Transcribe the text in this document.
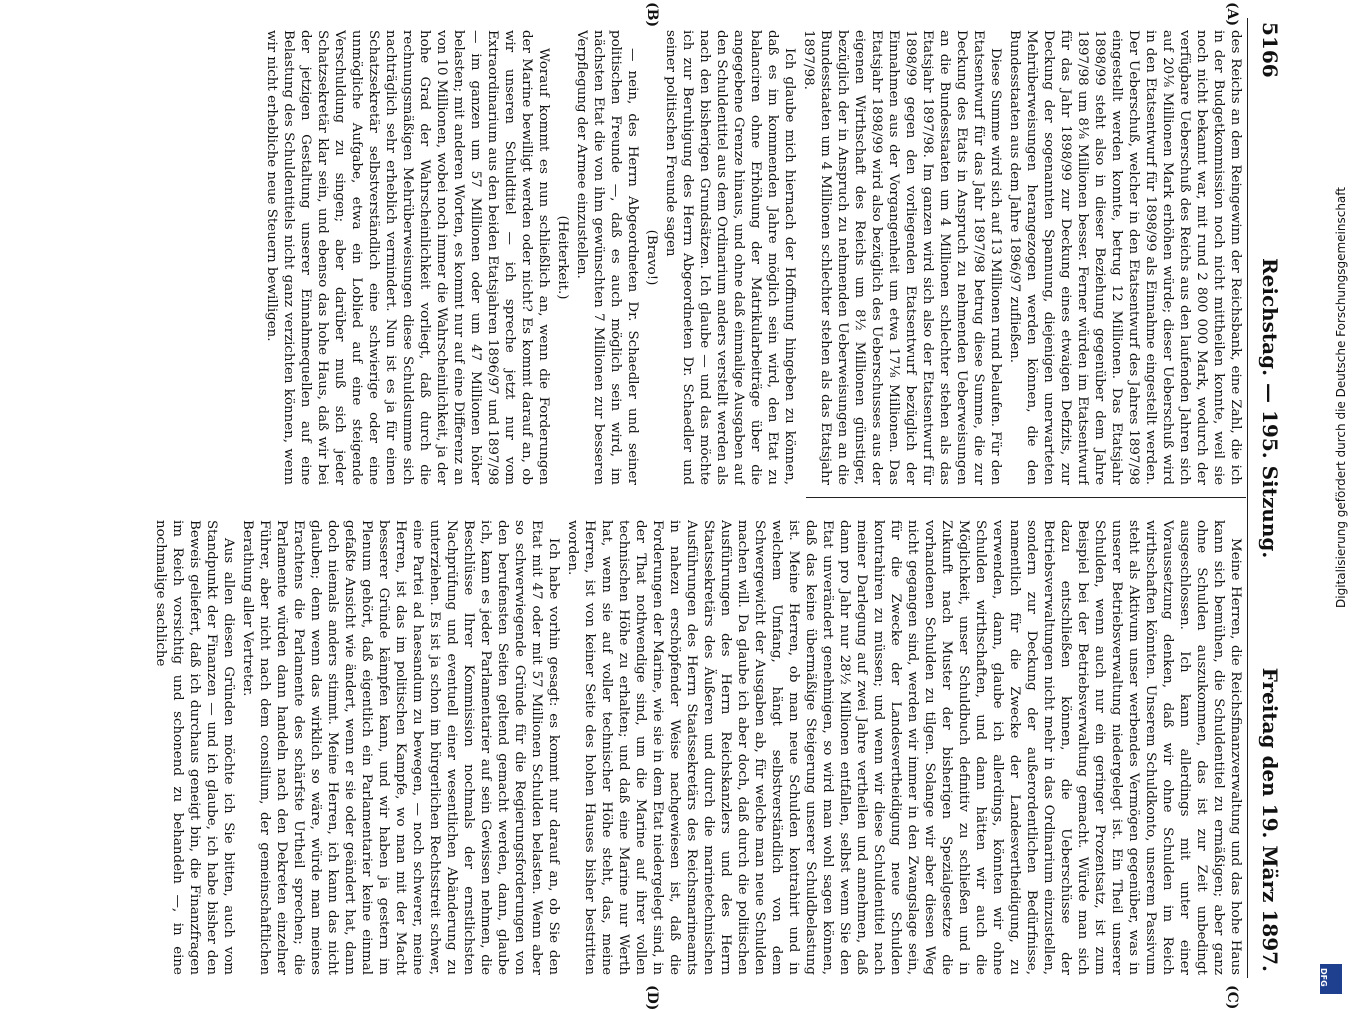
5166
Reichstag. — 195. Sitzung.
Freitag den 19. März 1897.
(A)
(B)
(C)
(D)

des Reichs an dem Reingewinn der Reichsbank, eine Zahl, die ich in der Budgetkommission noch nicht mittheilen konnte, weil sie noch nicht bekannt war, mit rund 2 800 000 Mark, wodurch der verfügbare Ueberschuß des Reichs aus den laufenden Jahren sich auf 20⅛ Millionen Mark erhöhen würde; dieser Ueberschuß wird in den Etatsentwurf für 1898/99 als Einnahme eingestellt werden. Der Ueberschuß, welcher in den Etatsentwurf des Jahres 1897/98 eingestellt werden konnte, betrug 12 Millionen. Das Etatsjahr 1898/99 steht also in dieser Beziehung gegenüber dem Jahre 1897/98 um 8⅛ Millionen besser. Ferner würden im Etatsentwurf für das Jahr 1898/99 zur Deckung eines etwaigen Defizits, zur Deckung der sogenannten Spannung, diejenigen unerwarteten Mehrüberweisungen herangezogen werden können, die den Bundesstaaten aus dem Jahre 1896/97 zufließen.

Diese Summe wird sich auf 13 Millionen rund belaufen. Für den Etatsentwurf für das Jahr 1897/98 betrug diese Summe, die zur Deckung des Etats in Anspruch zu nehmenden Ueberweisungen an die Bundesstaaten um 4 Millionen schlechter stehen als das Etatsjahr 1897/98. Im ganzen wird sich also der Etatsentwurf für 1898/99 gegen den vorliegenden Etatsentwurf bezüglich der Einnahmen aus der Vorgangenheit um etwa 17⅛ Millionen. Das Etatsjahr 1898/99 wird also bezüglich des Ueberschusses aus der eigenen Wirthschaft des Reichs um 8½ Millionen günstiger, bezüglich der in Anspruch zu nehmenden Ueberweisungen an die Bundesstaaten um 4 Millionen schlechter stehen als das Etatsjahr 1897/98.

Ich glaube mich hiernach der Hoffnung hingeben zu können, daß es im kommenden Jahre möglich sein wird, den Etat zu balanciren ohne Erhöhung der Matrikularbeiträge über die angegebene Grenze hinaus, und ohne daß einmalige Ausgaben auf den Schuldentitel aus dem Ordinarium anders verstellt werden als nach den bisherigen Grundsätzen. Ich glaube — und das möchte ich zur Beruhigung des Herrn Abgeordneten Dr. Schaedler und seiner politischen Freunde sagen

(Bravo!)

— nein, des Herrn Abgeordneten Dr. Schaedler und seiner politischen Freunde —, daß es auch möglich sein wird, im nächsten Etat die von ihm gewünschten 7 Millionen zur besseren Verpflegung der Armee einzustellen.

(Heiterkeit.)

Worauf kommt es nun schließlich an, wenn die Forderungen der Marine bewilligt werden oder nicht? Es kommt darauf an, ob wir unseren Schuldtitel — ich spreche jetzt nur vom Extraordinarium aus den beiden Etatsjahren 1896/97 und 1897/98 — im ganzen um 57 Millionen oder um 47 Millionen höher belasten; mit anderen Worten, es kommt nur auf eine Differenz an von 10 Millionen, wobei noch immer die Wahrscheinlichkeit, ja der hohe Grad der Wahrscheinlichkeit vorliegt, daß durch die rechnungsmäßigen Mehrüberweisungen diese Schuldsumme sich nachträglich sehr erheblich vermindert. Nun ist es ja für einen Schatzsekretär selbstverständlich eine schwierige oder eine unmögliche Aufgabe, etwa ein Loblied auf eine steigende Verschuldung zu singen; aber darüber muß sich jeder Schatzsekretär klar sein, und ebenso das hohe Haus, daß wir bei der jetzigen Gestaltung unserer Einnahmequellen auf eine Belastung des Schuldentitels nicht ganz verzichten können, wenn wir nicht erhebliche neue Steuern bewilligen.

Meine Herren, die Reichsfinanzverwaltung und das hohe Haus kann sich bemühen, die Schuldentitel zu ermäßigen; aber ganz ohne Schulden auszukommen, das ist zur Zeit unbedingt ausgeschlossen. Ich kann allerdings mit unter einer Voraussetzung denken, daß wir ohne Schulden im Reich wirthschaften könnten. Unserem Schuldkonto, unserem Passivum steht als Aktivum unser werbendes Vermögen gegenüber, was in unserer Betriebsverwaltung niedergelegt ist. Ein Theil unserer Schulden, wenn auch nur ein geringer Prozentsatz, ist zum Beispiel bei der Betriebsverwaltung gemacht. Würde man sich dazu entschließen können, die Ueberschüsse der Betriebsverwaltungen nicht mehr in das Ordinarium einzustellen, sondern zur Deckung der außerordentlichen Bedürfnisse, namentlich für die Zwecke der Landesvertheidigung, zu verwenden, dann, glaube ich allerdings, könnten wir ohne Schulden wirthschaften, und dann hätten wir auch die Möglichkeit, unser Schuldbuch definitiv zu schließen und in Zukunft nach Muster der bisherigen Spezialgesetze die vorhandenen Schulden zu tilgen. Solange wir aber diesen Weg nicht gegangen sind, werden wir immer in den Zwangslage sein, für die Zwecke der Landesvertheidigung neue Schulden kontrahiren zu müssen; und wenn wir diese Schuldentitel nach meiner Darlegung auf zwei Jahre vertheilen und annehmen, daß dann pro Jahr nur 28½ Millionen entfallen, selbst wenn Sie den Etat unverändert genehmigen, so wird man wohl sagen können, daß das keine übermäßige Steigerung unserer Schuldbelastung ist. Meine Herren, ob man neue Schulden kontrahirt und in welchem Umfang, hängt selbstverständlich von dem Schwergewicht der Ausgaben ab, für welche man neue Schulden machen will. Da glaube ich aber doch, daß durch die politischen Ausführungen des Herrn Reichskanzlers und des Herrn Staatssekretärs des Äußeren und durch die marinetechnischen Ausführungen des Herrn Staatssekretärs des Reichsmarineamts in nahezu erschöpfender Weise nachgewiesen ist, daß die Forderungen der Marine, wie sie in dem Etat niedergelegt sind, in der That nothwendige sind, um die Marine auf ihrer vollen technischen Höhe zu erhalten; und daß eine Marine nur Werth hat, wenn sie auf voller technischer Höhe steht, das, meine Herren, ist von keiner Seite des hohen Hauses bisher bestritten worden.

Ich habe vorhin gesagt: es kommt nur darauf an, ob Sie den Etat mit 47 oder mit 57 Millionen Schulden belasten. Wenn aber so schwerwiegende Gründe für die Regierungsforderungen von den berufensten Seiten geltend gemacht werden, dann, glaube ich, kann es jeder Parlamentarier auf sein Gewissen nehmen, die Beschlüsse Ihrer Kommission nochmals der ernstlichsten Nachprüfung und eventuell einer wesentlichen Abänderung zu unterziehen. Es ist ja schon im bürgerlichen Rechtsstreit schwer, eine Partei ad haesandum zu bewegen, — noch schwerer, meine Herren, ist das im politischen Kampfe, wo man mit der Macht besserer Gründe kämpfen kann, und wir haben ja gestern im Plenum gehört, daß eigentlich ein Parlamentarier keine einmal gefaßte Ansicht wie ändert, wenn er sie oder geändert hat, dann doch niemals anders stimmt. Meine Herren, ich kann das nicht glauben; denn wenn das wirklich so wäre, würde man meines Erachtens die Parlamente des schärfste Urtheil sprechen; die Parlamente würden dann handeln nach den Dekreten einzelner Führer, aber nicht nach dem consilium, der gemeinschaftlichen Berathung aller Vertreter.

Aus allen diesen Gründen möchte ich Sie bitten, auch vom Standpunkt der Finanzen — und ich glaube, ich habe bisher den Beweis geliefert, daß ich durchaus geneigt bin, die Finanzfragen im Reich vorsichtig und schonend zu behandeln —, in eine nochmalige sachliche	Digitalisierung gefördert durch die Deutsche Forschungsgemeinschaft
DFG
